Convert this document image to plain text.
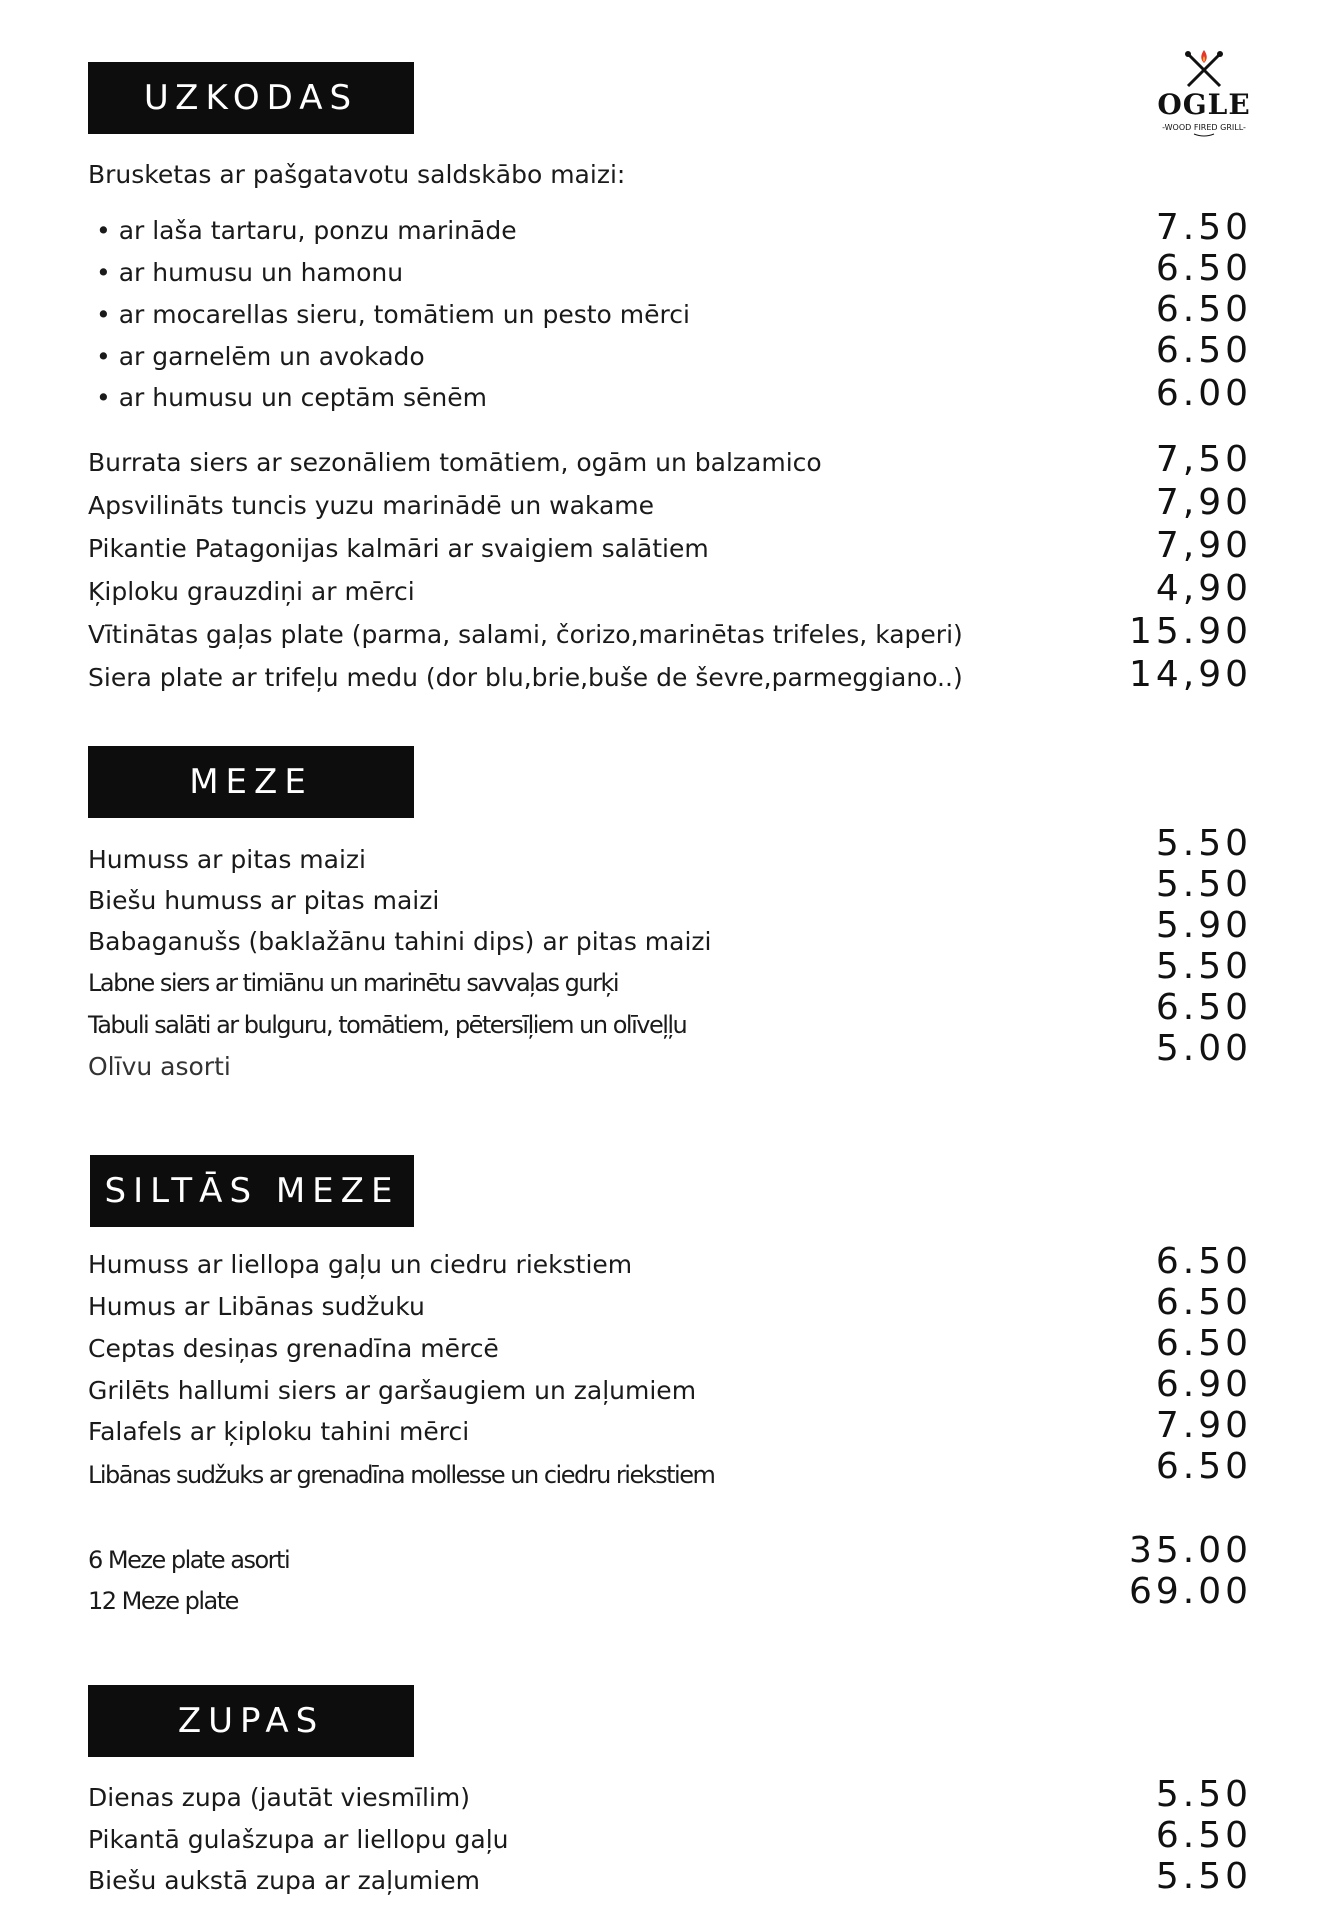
OGLE
-WOOD FIRED GRILL-
UZKODAS
Brusketas ar pašgatavotu saldskābo maizi:
• ar laša tartaru, ponzu marināde	7.50
• ar humusu un hamonu	6.50
• ar mocarellas sieru, tomātiem un pesto mērci	6.50
• ar garnelēm un avokado	6.50
• ar humusu un ceptām sēnēm	6.00
Burrata siers ar sezonāliem tomātiem, ogām un balzamico	7,50
Apsvilināts tuncis yuzu marinādē un wakame	7,90
Pikantie Patagonijas kalmāri ar svaigiem salātiem	7,90
Ķiploku grauzdiņi ar mērci	4,90
Vītinātas gaļas plate (parma, salami, čorizo,marinētas trifeles, kaperi)	15.90
Siera plate ar trifeļu medu (dor blu,brie,buše de ševre,parmeggiano..)	14,90
MEZE
Humuss ar pitas maizi	5.50
Biešu humuss ar pitas maizi	5.50
Babaganušs (baklažānu tahini dips) ar pitas maizi	5.90
Labne siers ar timiānu un marinētu savvaļas gurķi	5.50
Tabuli salāti ar bulguru, tomātiem, pētersīļiem un olīveļļu	6.50
Olīvu asorti	5.00
SILTĀS MEZE
Humuss ar liellopa gaļu un ciedru riekstiem	6.50
Humus ar Libānas sudžuku	6.50
Ceptas desiņas grenadīna mērcē	6.50
Grilēts hallumi siers ar garšaugiem un zaļumiem	6.90
Falafels ar ķiploku tahini mērci	7.90
Libānas sudžuks ar grenadīna mollesse un ciedru riekstiem	6.50
6 Meze plate asorti	35.00
12 Meze plate	69.00
ZUPAS
Dienas zupa (jautāt viesmīlim)	5.50
Pikantā gulašzupa ar liellopu gaļu	6.50
Biešu aukstā zupa ar zaļumiem	5.50
